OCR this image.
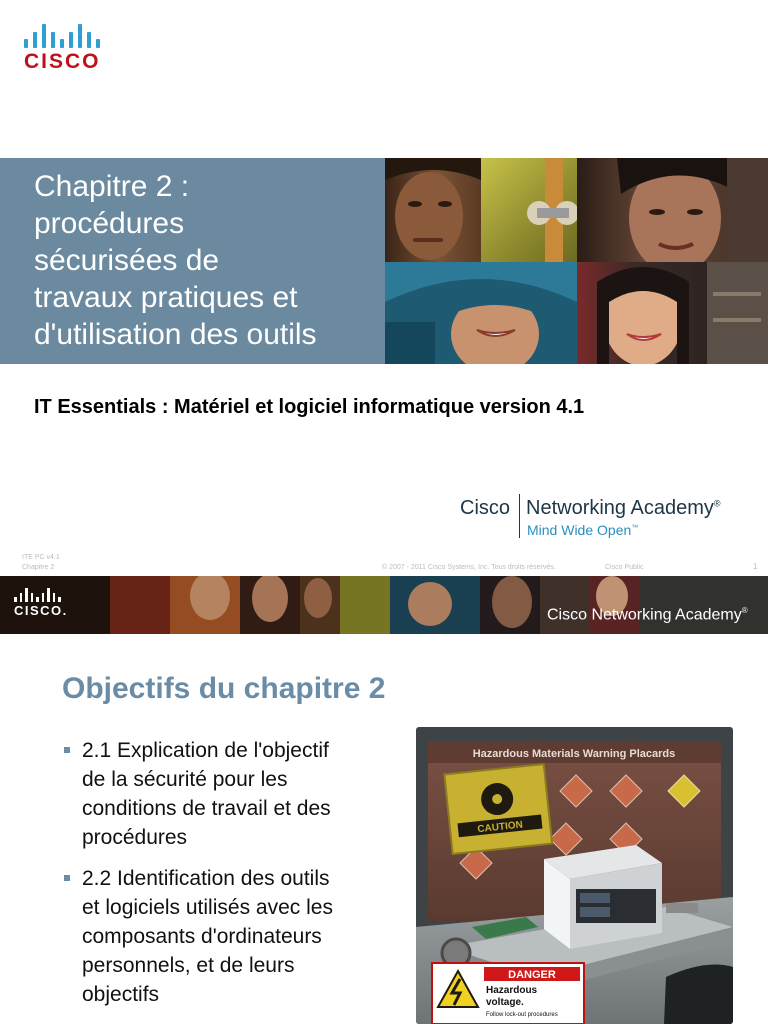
CISCO
Chapitre 2 :
procédures
sécurisées de
travaux pratiques et
d'utilisation des outils
IT Essentials : Matériel et logiciel informatique version 4.1
Cisco Networking Academy®
Mind Wide Open™
ITE PC v4.1
Chapitre 2	© 2007 - 2011 Cisco Systems, Inc. Tous droits réservés.	Cisco Public	1
CISCO.	Cisco Networking Academy®
Objectifs du chapitre 2
2.1 Explication de l'objectif
de la sécurité pour les
conditions de travail et des
procédures
2.2 Identification des outils
et logiciels utilisés avec les
composants d'ordinateurs
personnels, et de leurs
objectifs
Hazardous Materials Warning Placards
CAUTION
DANGER
Hazardous
voltage.
Follow lock-out procedures
